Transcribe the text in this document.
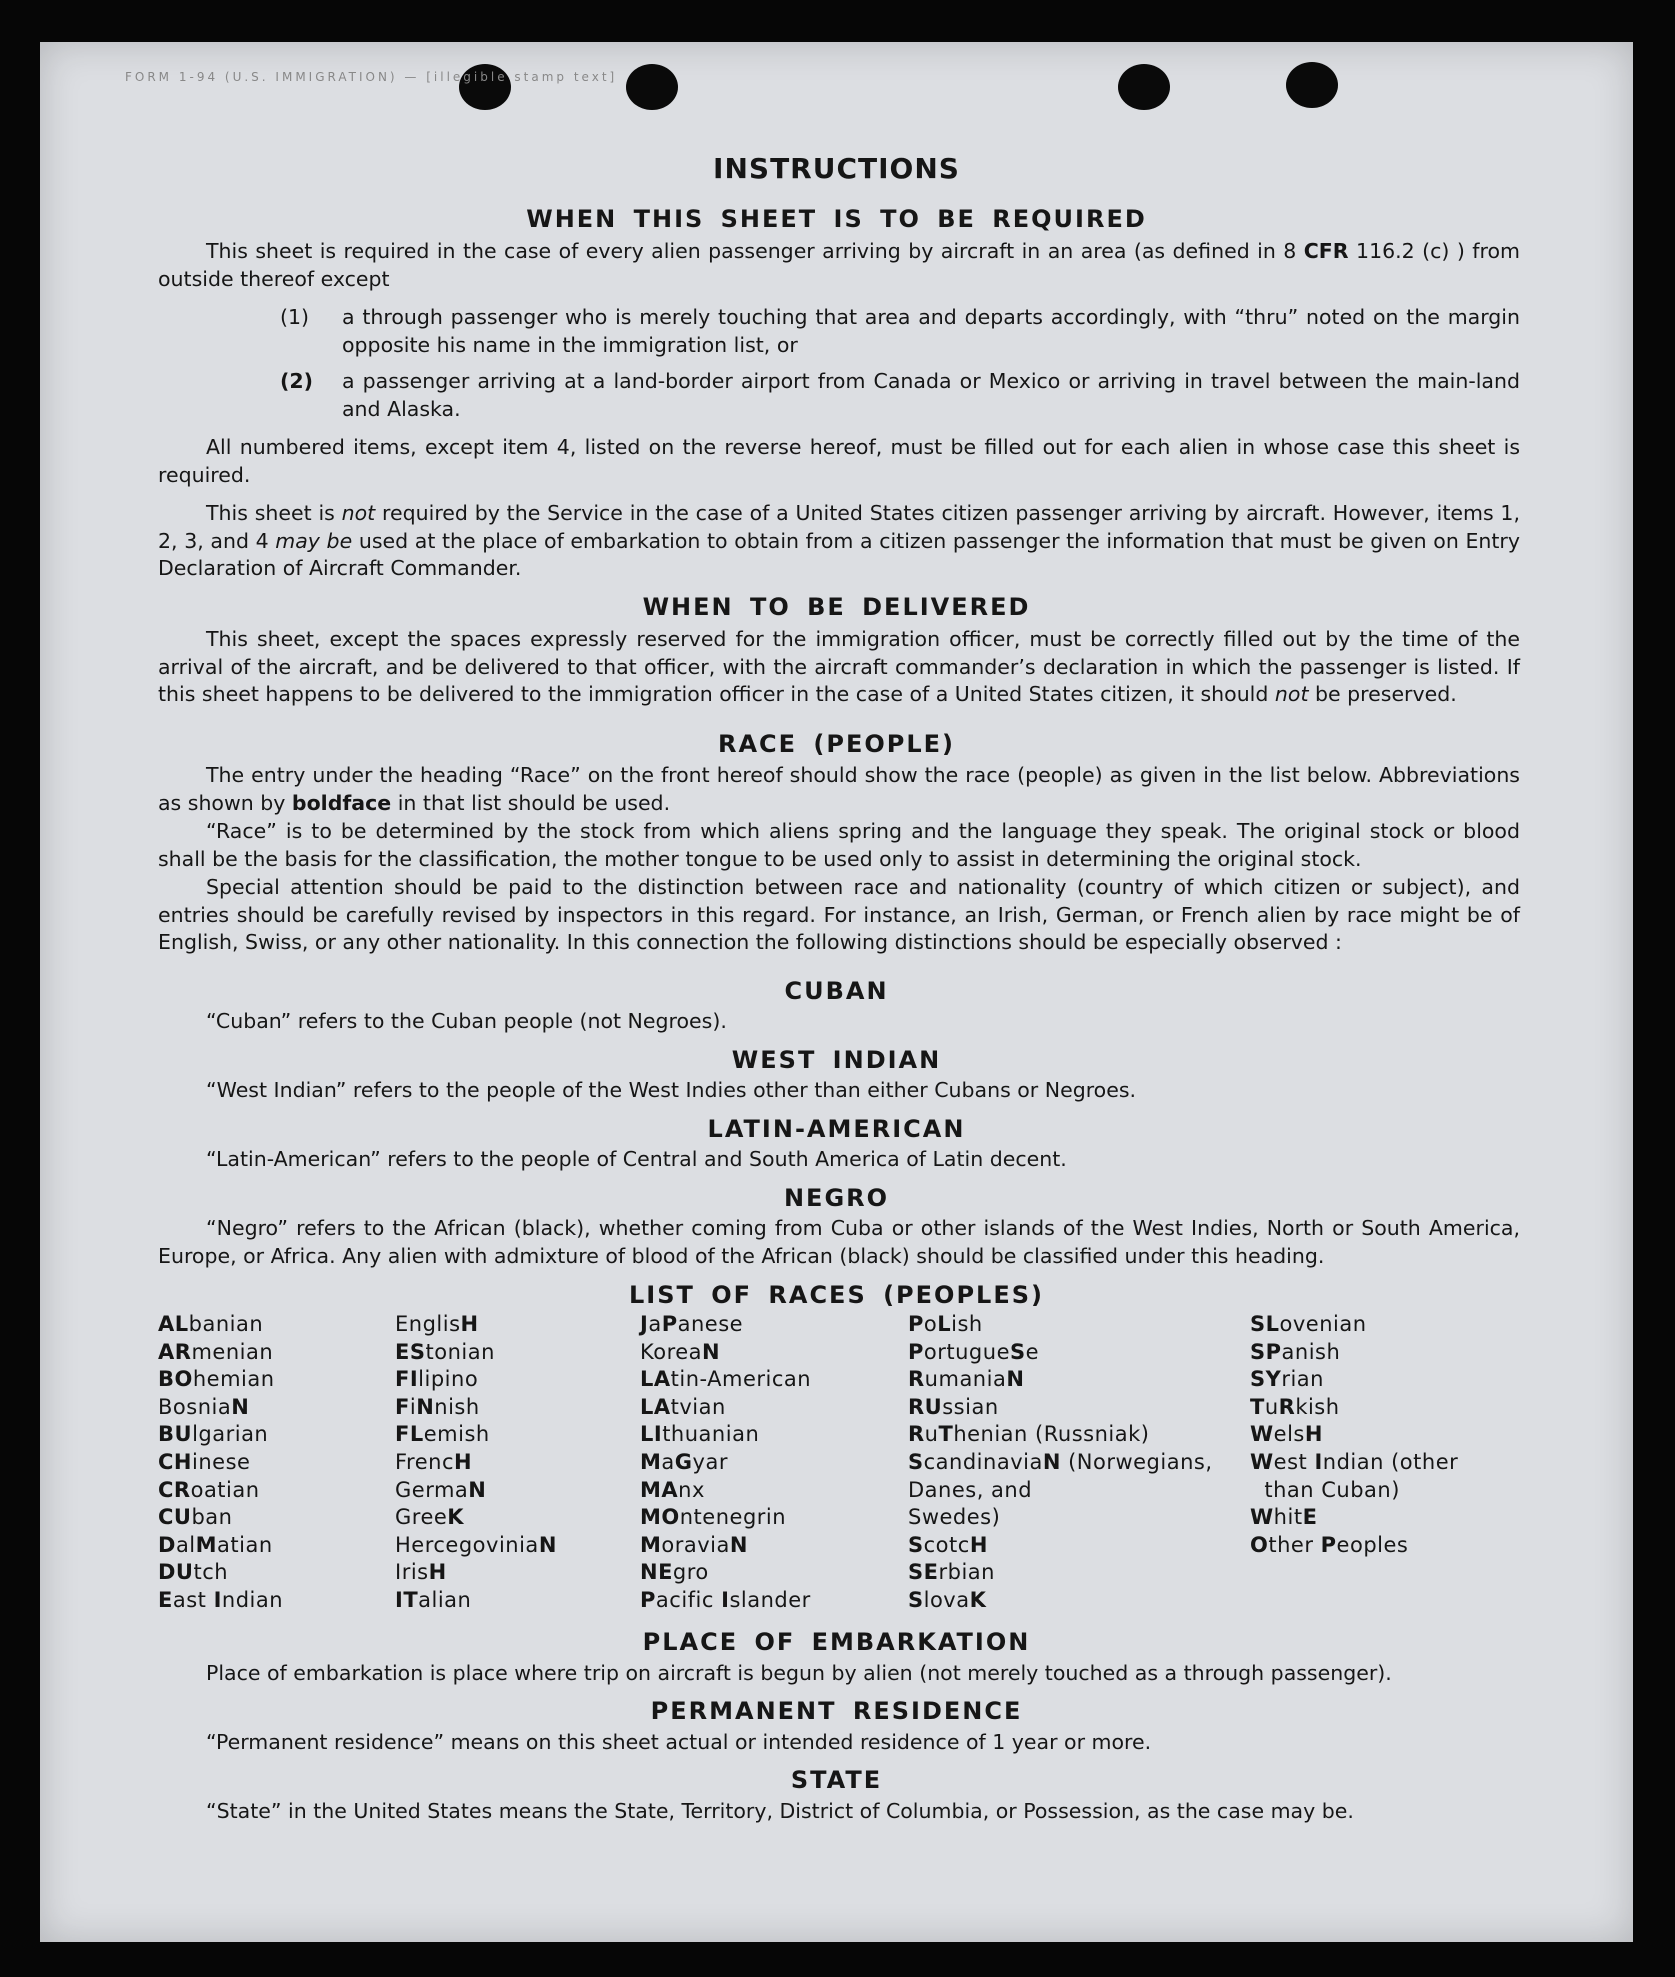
FORM 1-94 (U.S. IMMIGRATION) — [illegible stamp text]
INSTRUCTIONS
WHEN THIS SHEET IS TO BE REQUIRED
This sheet is required in the case of every alien passenger arriving by aircraft in an area (as defined in 8 CFR 116.2 (c) ) from outside thereof except
(1) a through passenger who is merely touching that area and departs accordingly, with “thru” noted on the margin opposite his name in the immigration list, or
(2) a passenger arriving at a land-border airport from Canada or Mexico or arriving in travel between the main-land and Alaska.
All numbered items, except item 4, listed on the reverse hereof, must be filled out for each alien in whose case this sheet is required.
This sheet is not required by the Service in the case of a United States citizen passenger arriving by aircraft. However, items 1, 2, 3, and 4 may be used at the place of embarkation to obtain from a citizen passenger the information that must be given on Entry Declaration of Aircraft Commander.
WHEN TO BE DELIVERED
This sheet, except the spaces expressly reserved for the immigration officer, must be correctly filled out by the time of the arrival of the aircraft, and be delivered to that officer, with the aircraft commander’s declaration in which the passenger is listed. If this sheet happens to be delivered to the immigration officer in the case of a United States citizen, it should not be preserved.
RACE (PEOPLE)
The entry under the heading “Race” on the front hereof should show the race (people) as given in the list below. Abbreviations as shown by boldface in that list should be used.
“Race” is to be determined by the stock from which aliens spring and the language they speak. The original stock or blood shall be the basis for the classification, the mother tongue to be used only to assist in determining the original stock.
Special attention should be paid to the distinction between race and nationality (country of which citizen or subject), and entries should be carefully revised by inspectors in this regard. For instance, an Irish, German, or French alien by race might be of English, Swiss, or any other nationality. In this connection the following distinctions should be especially observed :
CUBAN
“Cuban” refers to the Cuban people (not Negroes).
WEST INDIAN
“West Indian” refers to the people of the West Indies other than either Cubans or Negroes.
LATIN-AMERICAN
“Latin-American” refers to the people of Central and South America of Latin decent.
NEGRO
“Negro” refers to the African (black), whether coming from Cuba or other islands of the West Indies, North or South America, Europe, or Africa. Any alien with admixture of blood of the African (black) should be classified under this heading.
LIST OF RACES (PEOPLES)
ALbanian
ARmenian
BOhemian
BosniaN
BUlgarian
CHinese
CRoatian
CUban
DalMatian
DUtch
East Indian
EnglisH
EStonian
FIlipino
FiNnish
FLemish
FrencH
GermaN
GreeK
HercegoviniaN
IrisH
ITalian
JaPanese
KoreaN
LAtin-American
LAtvian
LIthuanian
MaGyar
MAnx
MOntenegrin
MoraviaN
NEgro
Pacific Islander
PoLish
PortugueSe
RumaniaN
RUssian
RuThenian (Russniak)
ScandinaviaN (Norwegians,
Danes, and
Swedes)
ScotcH
SErbian
SlovaK
SLovenian
SPanish
SYrian
TuRkish
WelsH
West Indian (other
than Cuban)
WhitE
Other Peoples
PLACE OF EMBARKATION
Place of embarkation is place where trip on aircraft is begun by alien (not merely touched as a through passenger).
PERMANENT RESIDENCE
“Permanent residence” means on this sheet actual or intended residence of 1 year or more.
STATE
“State” in the United States means the State, Territory, District of Columbia, or Possession, as the case may be.
